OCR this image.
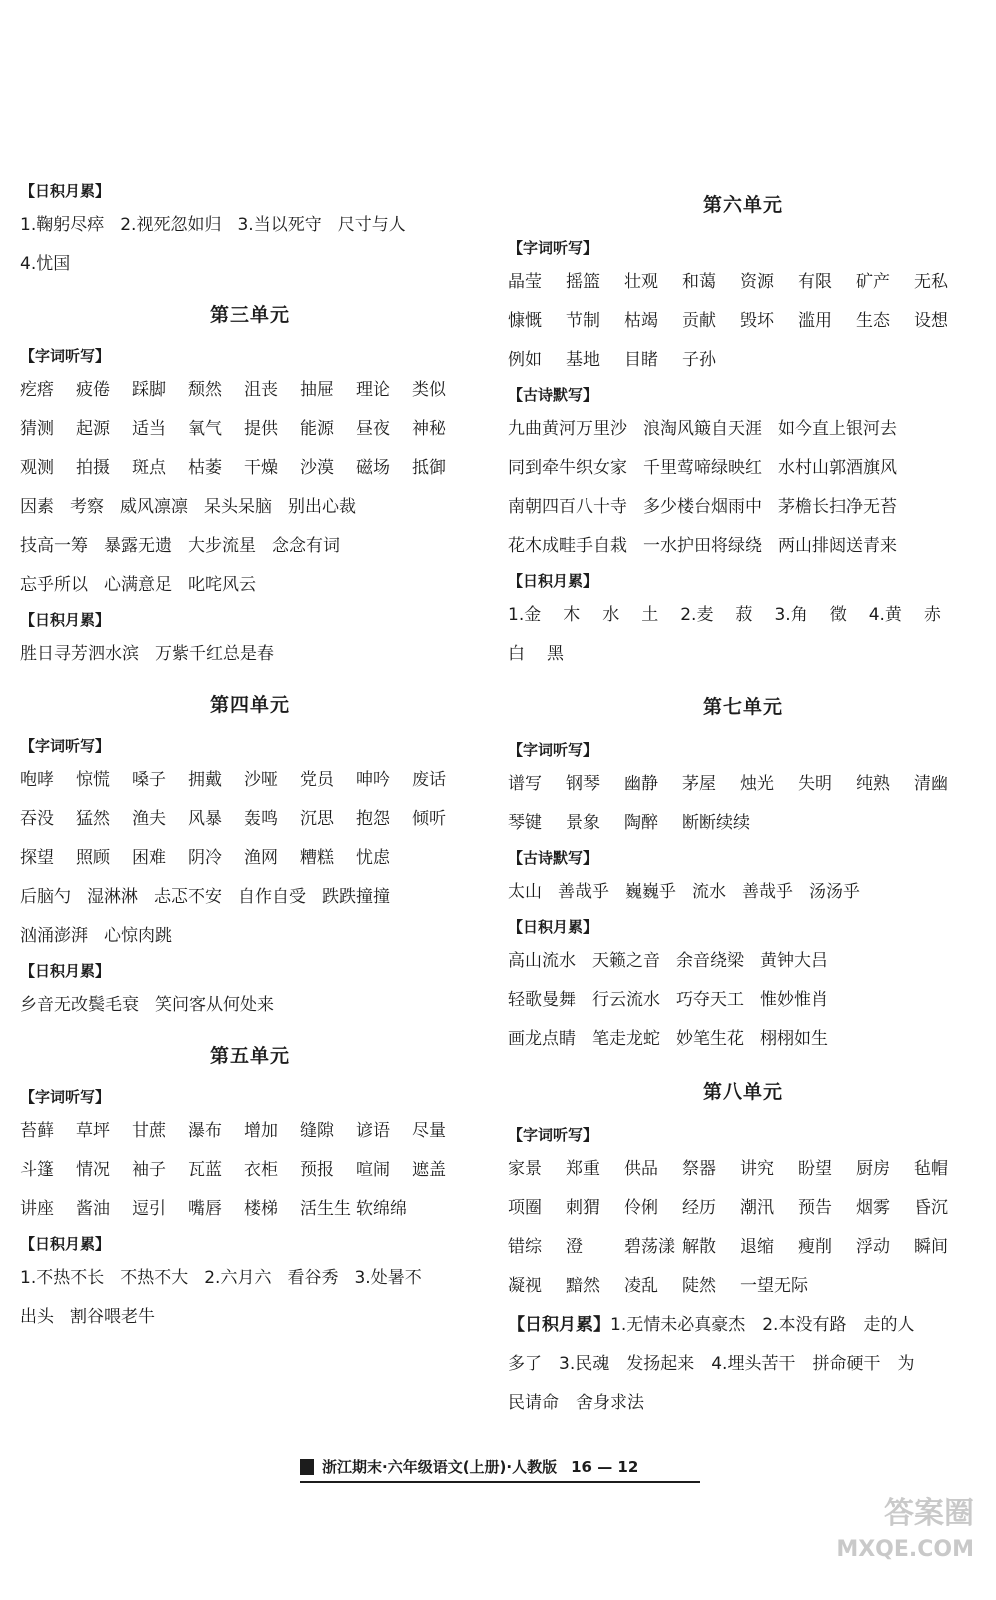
【日积月累】
1.鞠躬尽瘁 2.视死忽如归 3.当以死守 尺寸与人
4.忧国
第三单元
【字词听写】
疙瘩 疲倦 踩脚 颓然 沮丧 抽屉 理论 类似
猜测 起源 适当 氧气 提供 能源 昼夜 神秘
观测 拍摄 斑点 枯萎 干燥 沙漠 磁场 抵御
因素 考察 威风凛凛 呆头呆脑 别出心裁
技高一筹 暴露无遗 大步流星 念念有词
忘乎所以 心满意足 叱咤风云
【日积月累】
胜日寻芳泗水滨 万紫千红总是春
第四单元
【字词听写】
咆哮 惊慌 嗓子 拥戴 沙哑 党员 呻吟 废话
吞没 猛然 渔夫 风暴 轰鸣 沉思 抱怨 倾听
探望 照顾 困难 阴冷 渔网 糟糕 忧虑
后脑勺 湿淋淋 忐忑不安 自作自受 跌跌撞撞
汹涌澎湃 心惊肉跳
【日积月累】
乡音无改鬓毛衰 笑问客从何处来
第五单元
【字词听写】
苔藓 草坪 甘蔗 瀑布 增加 缝隙 谚语 尽量
斗篷 情况 袖子 瓦蓝 衣柜 预报 喧闹 遮盖
讲座 酱油 逗引 嘴唇 楼梯 活生生 软绵绵
【日积月累】
1.不热不长 不热不大 2.六月六 看谷秀 3.处暑不
出头 割谷喂老牛
第六单元
【字词听写】
晶莹 摇篮 壮观 和蔼 资源 有限 矿产 无私
慷慨 节制 枯竭 贡献 毁坏 滥用 生态 设想
例如 基地 目睹 子孙
【古诗默写】
九曲黄河万里沙 浪淘风簸自天涯 如今直上银河去
同到牵牛织女家 千里莺啼绿映红 水村山郭酒旗风
南朝四百八十寺 多少楼台烟雨中 茅檐长扫净无苔
花木成畦手自栽 一水护田将绿绕 两山排闼送青来
【日积月累】
1.金 木 水 土 2.麦 菽 3.角 徵 4.黄 赤
白 黑
第七单元
【字词听写】
谱写 钢琴 幽静 茅屋 烛光 失明 纯熟 清幽
琴键 景象 陶醉 断断续续
【古诗默写】
太山 善哉乎 巍巍乎 流水 善哉乎 汤汤乎
【日积月累】
高山流水 天籁之音 余音绕梁 黄钟大吕
轻歌曼舞 行云流水 巧夺天工 惟妙惟肖
画龙点睛 笔走龙蛇 妙笔生花 栩栩如生
第八单元
【字词听写】
家景 郑重 供品 祭器 讲究 盼望 厨房 毡帽
项圈 刺猬 伶俐 经历 潮汛 预告 烟雾 昏沉
错综 澄 碧荡漾 解散 退缩 瘦削 浮动 瞬间
凝视 黯然 凌乱 陡然 一望无际
【日积月累】1.无情未必真豪杰　2.本没有路　走的人
多了　3.民魂　发扬起来　4.埋头苦干　拼命硬干　为
民请命　舍身求法
浙江期末·六年级语文(上册)·人教版 16 — 12
答案圈
MXQE.COM
